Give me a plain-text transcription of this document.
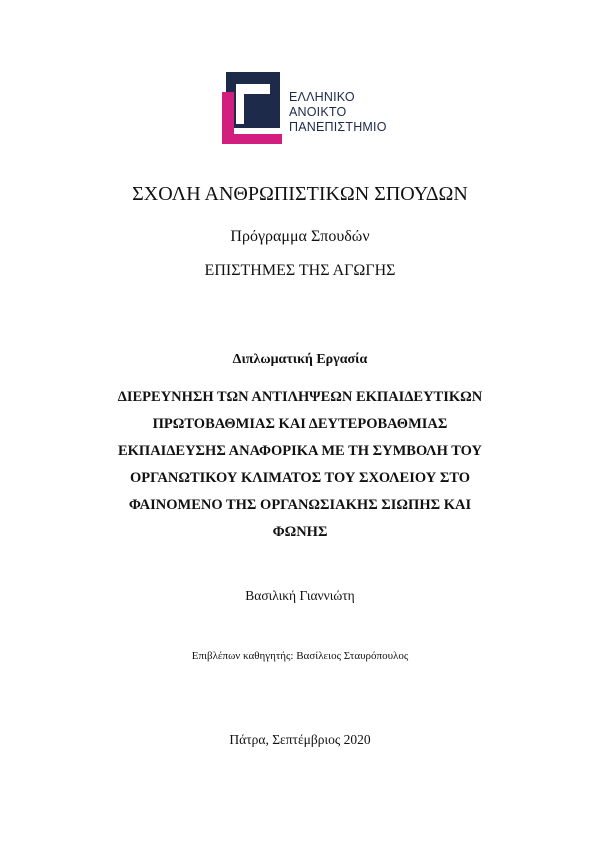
ΕΛΛΗΝΙΚΟ
ΑΝΟΙΚΤΟ
ΠΑΝΕΠΙΣΤΗΜΙΟ
ΣΧΟΛΗ ΑΝΘΡΩΠΙΣΤΙΚΩΝ ΣΠΟΥΔΩΝ
Πρόγραμμα Σπουδών
ΕΠΙΣΤΗΜΕΣ ΤΗΣ ΑΓΩΓΗΣ
Διπλωματική Εργασία
ΔΙΕΡΕΥΝΗΣΗ ΤΩΝ ΑΝΤΙΛΗΨΕΩΝ ΕΚΠΑΙΔΕΥΤΙΚΩΝ
ΠΡΩΤΟΒΑΘΜΙΑΣ ΚΑΙ ΔΕΥΤΕΡΟΒΑΘΜΙΑΣ
ΕΚΠΑΙΔΕΥΣΗΣ ΑΝΑΦΟΡΙΚΑ ΜΕ ΤΗ ΣΥΜΒΟΛΗ ΤΟΥ
ΟΡΓΑΝΩΤΙΚΟΥ ΚΛΙΜΑΤΟΣ ΤΟΥ ΣΧΟΛΕΙΟΥ ΣΤΟ
ΦΑΙΝΟΜΕΝΟ ΤΗΣ ΟΡΓΑΝΩΣΙΑΚΗΣ ΣΙΩΠΗΣ ΚΑΙ
ΦΩΝΗΣ
Βασιλική Γιαννιώτη
Επιβλέπων καθηγητής: Βασίλειος Σταυρόπουλος
Πάτρα, Σεπτέμβριος 2020
